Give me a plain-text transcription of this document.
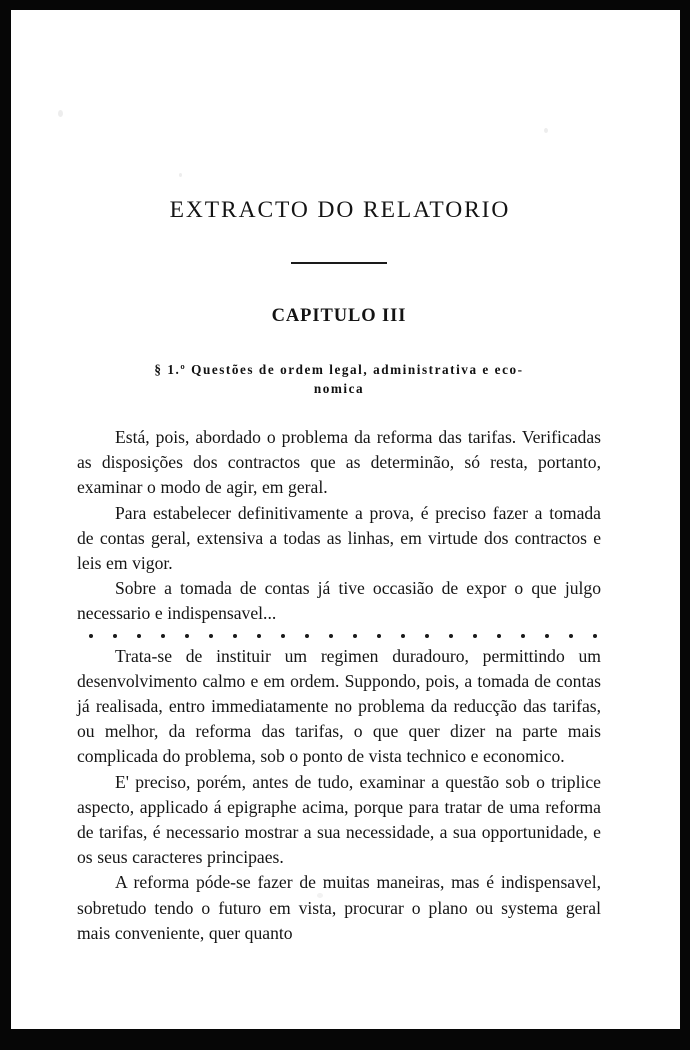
EXTRACTO DO RELATORIO
CAPITULO III
§ 1.º Questões de ordem legal, administrativa e eco-
nomica

Está, pois, abordado o problema da reforma das tarifas. Verificadas as disposições dos contractos que as determinão, só resta, portanto, examinar o modo de agir, em geral.

Para estabelecer definitivamente a prova, é preciso fazer a tomada de contas geral, extensiva a todas as linhas, em virtude dos contractos e leis em vigor.

Sobre a tomada de contas já tive occasião de expor o que julgo necessario e indispensavel...

Trata-se de instituir um regimen duradouro, permittindo um desenvolvimento calmo e em ordem. Suppondo, pois, a tomada de contas já realisada, entro immediatamente no problema da reducção das tarifas, ou melhor, da reforma das tarifas, o que quer dizer na parte mais complicada do problema, sob o ponto de vista technico e economico.

E' preciso, porém, antes de tudo, examinar a questão sob o triplice aspecto, applicado á epigraphe acima, porque para tratar de uma reforma de tarifas, é necessario mostrar a sua necessidade, a sua opportunidade, e os seus caracteres principaes.

A reforma póde-se fazer de muitas maneiras, mas é indispensavel, sobretudo tendo o futuro em vista, procurar o plano ou systema geral mais conveniente, quer quanto
